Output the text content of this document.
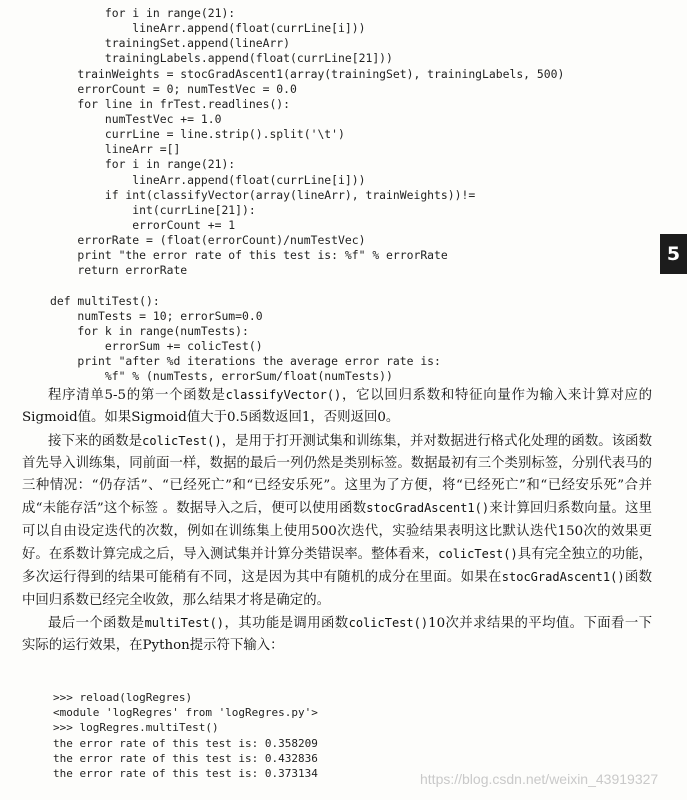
for i in range(21):
lineArr.append(float(currLine[i]))
trainingSet.append(lineArr)
trainingLabels.append(float(currLine[21]))
trainWeights = stocGradAscent1(array(trainingSet), trainingLabels, 500)
errorCount = 0; numTestVec = 0.0
for line in frTest.readlines():
numTestVec += 1.0
currLine = line.strip().split('\t')
lineArr =[]
for i in range(21):
lineArr.append(float(currLine[i]))
if int(classifyVector(array(lineArr), trainWeights))!=
int(currLine[21]):
errorCount += 1
errorRate = (float(errorCount)/numTestVec)
print "the error rate of this test is: %f" % errorRate
return errorRate
def multiTest():
numTests = 10; errorSum=0.0
for k in range(numTests):
errorSum += colicTest()
print "after %d iterations the average error rate is:
%f" % (numTests, errorSum/float(numTests))
5

程序清单5-5的第一个函数是classifyVector()，它以回归系数和特征向量作为输入来计算对应的Sigmoid值。如果Sigmoid值大于0.5函数返回1，否则返回0。

接下来的函数是colicTest()，是用于打开测试集和训练集，并对数据进行格式化处理的函数。该函数首先导入训练集，同前面一样，数据的最后一列仍然是类别标签。数据最初有三个类别标签，分别代表马的三种情况：“仍存活”、“已经死亡”和“已经安乐死”。这里为了方便，将“已经死亡”和“已经安乐死”合并成“未能存活”这个标签 。数据导入之后，便可以使用函数stocGradAscent1()来计算回归系数向量。这里可以自由设定迭代的次数，例如在训练集上使用500次迭代，实验结果表明这比默认迭代150次的效果更好。在系数计算完成之后，导入测试集并计算分类错误率。整体看来，colicTest()具有完全独立的功能，多次运行得到的结果可能稍有不同，这是因为其中有随机的成分在里面。如果在stocGradAscent1()函数中回归系数已经完全收敛，那么结果才将是确定的。

最后一个函数是multiTest()，其功能是调用函数colicTest()10次并求结果的平均值。下面看一下实际的运行效果，在Python提示符下输入：

>>> reload(logRegres)
<module 'logRegres' from 'logRegres.py'>
>>> logRegres.multiTest()
the error rate of this test is: 0.358209
the error rate of this test is: 0.432836
the error rate of this test is: 0.373134	https://blog.csdn.net/weixin_43919327
